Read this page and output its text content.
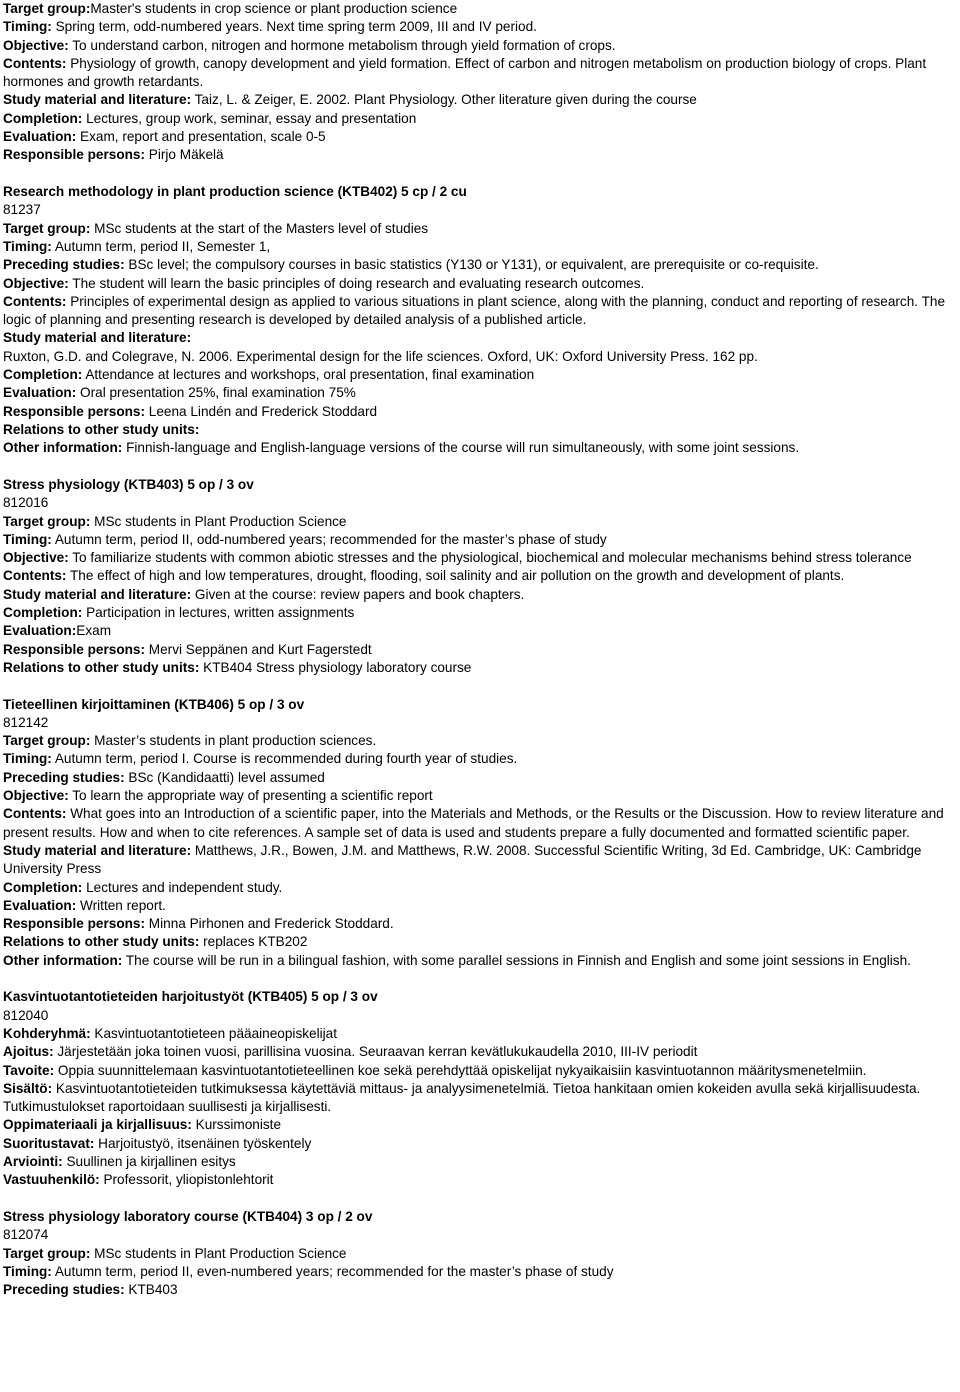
Target group:Master's students in crop science or plant production science

Timing: Spring term, odd-numbered years. Next time spring term 2009, III and IV period.

Objective: To understand carbon, nitrogen and hormone metabolism through yield formation of crops.

Contents: Physiology of growth, canopy development and yield formation. Effect of carbon and nitrogen metabolism on production biology of crops. Plant hormones and growth retardants.

Study material and literature: Taiz, L. & Zeiger, E. 2002. Plant Physiology. Other literature given during the course

Completion: Lectures, group work, seminar, essay and presentation

Evaluation: Exam, report and presentation, scale 0-5

Responsible persons: Pirjo Mäkelä

Research methodology in plant production science (KTB402) 5 cp / 2 cu

81237

Target group: MSc students at the start of the Masters level of studies

Timing: Autumn term, period II, Semester 1,

Preceding studies: BSc level; the compulsory courses in basic statistics (Y130 or Y131), or equivalent, are prerequisite or co-requisite.

Objective: The student will learn the basic principles of doing research and evaluating research outcomes.

Contents: Principles of experimental design as applied to various situations in plant science, along with the planning, conduct and reporting of research. The logic of planning and presenting research is developed by detailed analysis of a published article.

Study material and literature:

Ruxton, G.D. and Colegrave, N. 2006. Experimental design for the life sciences. Oxford, UK: Oxford University Press. 162 pp.

Completion: Attendance at lectures and workshops, oral presentation, final examination

Evaluation: Oral presentation 25%, final examination 75%

Responsible persons: Leena Lindén and Frederick Stoddard

Relations to other study units:

Other information: Finnish-language and English-language versions of the course will run simultaneously, with some joint sessions.

Stress physiology (KTB403) 5 op / 3 ov

812016

Target group: MSc students in Plant Production Science

Timing: Autumn term, period II, odd-numbered years; recommended for the master’s phase of study

Objective: To familiarize students with common abiotic stresses and the physiological, biochemical and molecular mechanisms behind stress tolerance

Contents: The effect of high and low temperatures, drought, flooding, soil salinity and air pollution on the growth and development of plants.

Study material and literature: Given at the course: review papers and book chapters.

Completion: Participation in lectures, written assignments

Evaluation:Exam

Responsible persons: Mervi Seppänen and Kurt Fagerstedt

Relations to other study units: KTB404 Stress physiology laboratory course

Tieteellinen kirjoittaminen (KTB406) 5 op / 3 ov

812142

Target group: Master’s students in plant production sciences.

Timing: Autumn term, period I. Course is recommended during fourth year of studies.

Preceding studies: BSc (Kandidaatti) level assumed

Objective: To learn the appropriate way of presenting a scientific report

Contents: What goes into an Introduction of a scientific paper, into the Materials and Methods, or the Results or the Discussion. How to review literature and present results. How and when to cite references. A sample set of data is used and students prepare a fully documented and formatted scientific paper.

Study material and literature: Matthews, J.R., Bowen, J.M. and Matthews, R.W. 2008. Successful Scientific Writing, 3d Ed. Cambridge, UK: Cambridge University Press

Completion: Lectures and independent study.

Evaluation: Written report.

Responsible persons: Minna Pirhonen and Frederick Stoddard.

Relations to other study units: replaces KTB202

Other information: The course will be run in a bilingual fashion, with some parallel sessions in Finnish and English and some joint sessions in English.

Kasvintuotantotieteiden harjoitustyöt (KTB405) 5 op / 3 ov

812040

Kohderyhmä: Kasvintuotantotieteen pääaineopiskelijat

Ajoitus: Järjestetään joka toinen vuosi, parillisina vuosina. Seuraavan kerran kevätlukukaudella 2010, III-IV periodit

Tavoite: Oppia suunnittelemaan kasvintuotantotieteellinen koe sekä perehdyttää opiskelijat nykyaikaisiin kasvintuotannon määritysmenetelmiin.

Sisältö: Kasvintuotantotieteiden tutkimuksessa käytettäviä mittaus- ja analyysimenetelmiä. Tietoa hankitaan omien kokeiden avulla sekä kirjallisuudesta. Tutkimustulokset raportoidaan suullisesti ja kirjallisesti.

Oppimateriaali ja kirjallisuus: Kurssimoniste

Suoritustavat: Harjoitustyö, itsenäinen työskentely

Arviointi: Suullinen ja kirjallinen esitys

Vastuuhenkilö: Professorit, yliopistonlehtorit

Stress physiology laboratory course (KTB404) 3 op / 2 ov

812074

Target group: MSc students in Plant Production Science

Timing: Autumn term, period II, even-numbered years; recommended for the master’s phase of study

Preceding studies: KTB403
